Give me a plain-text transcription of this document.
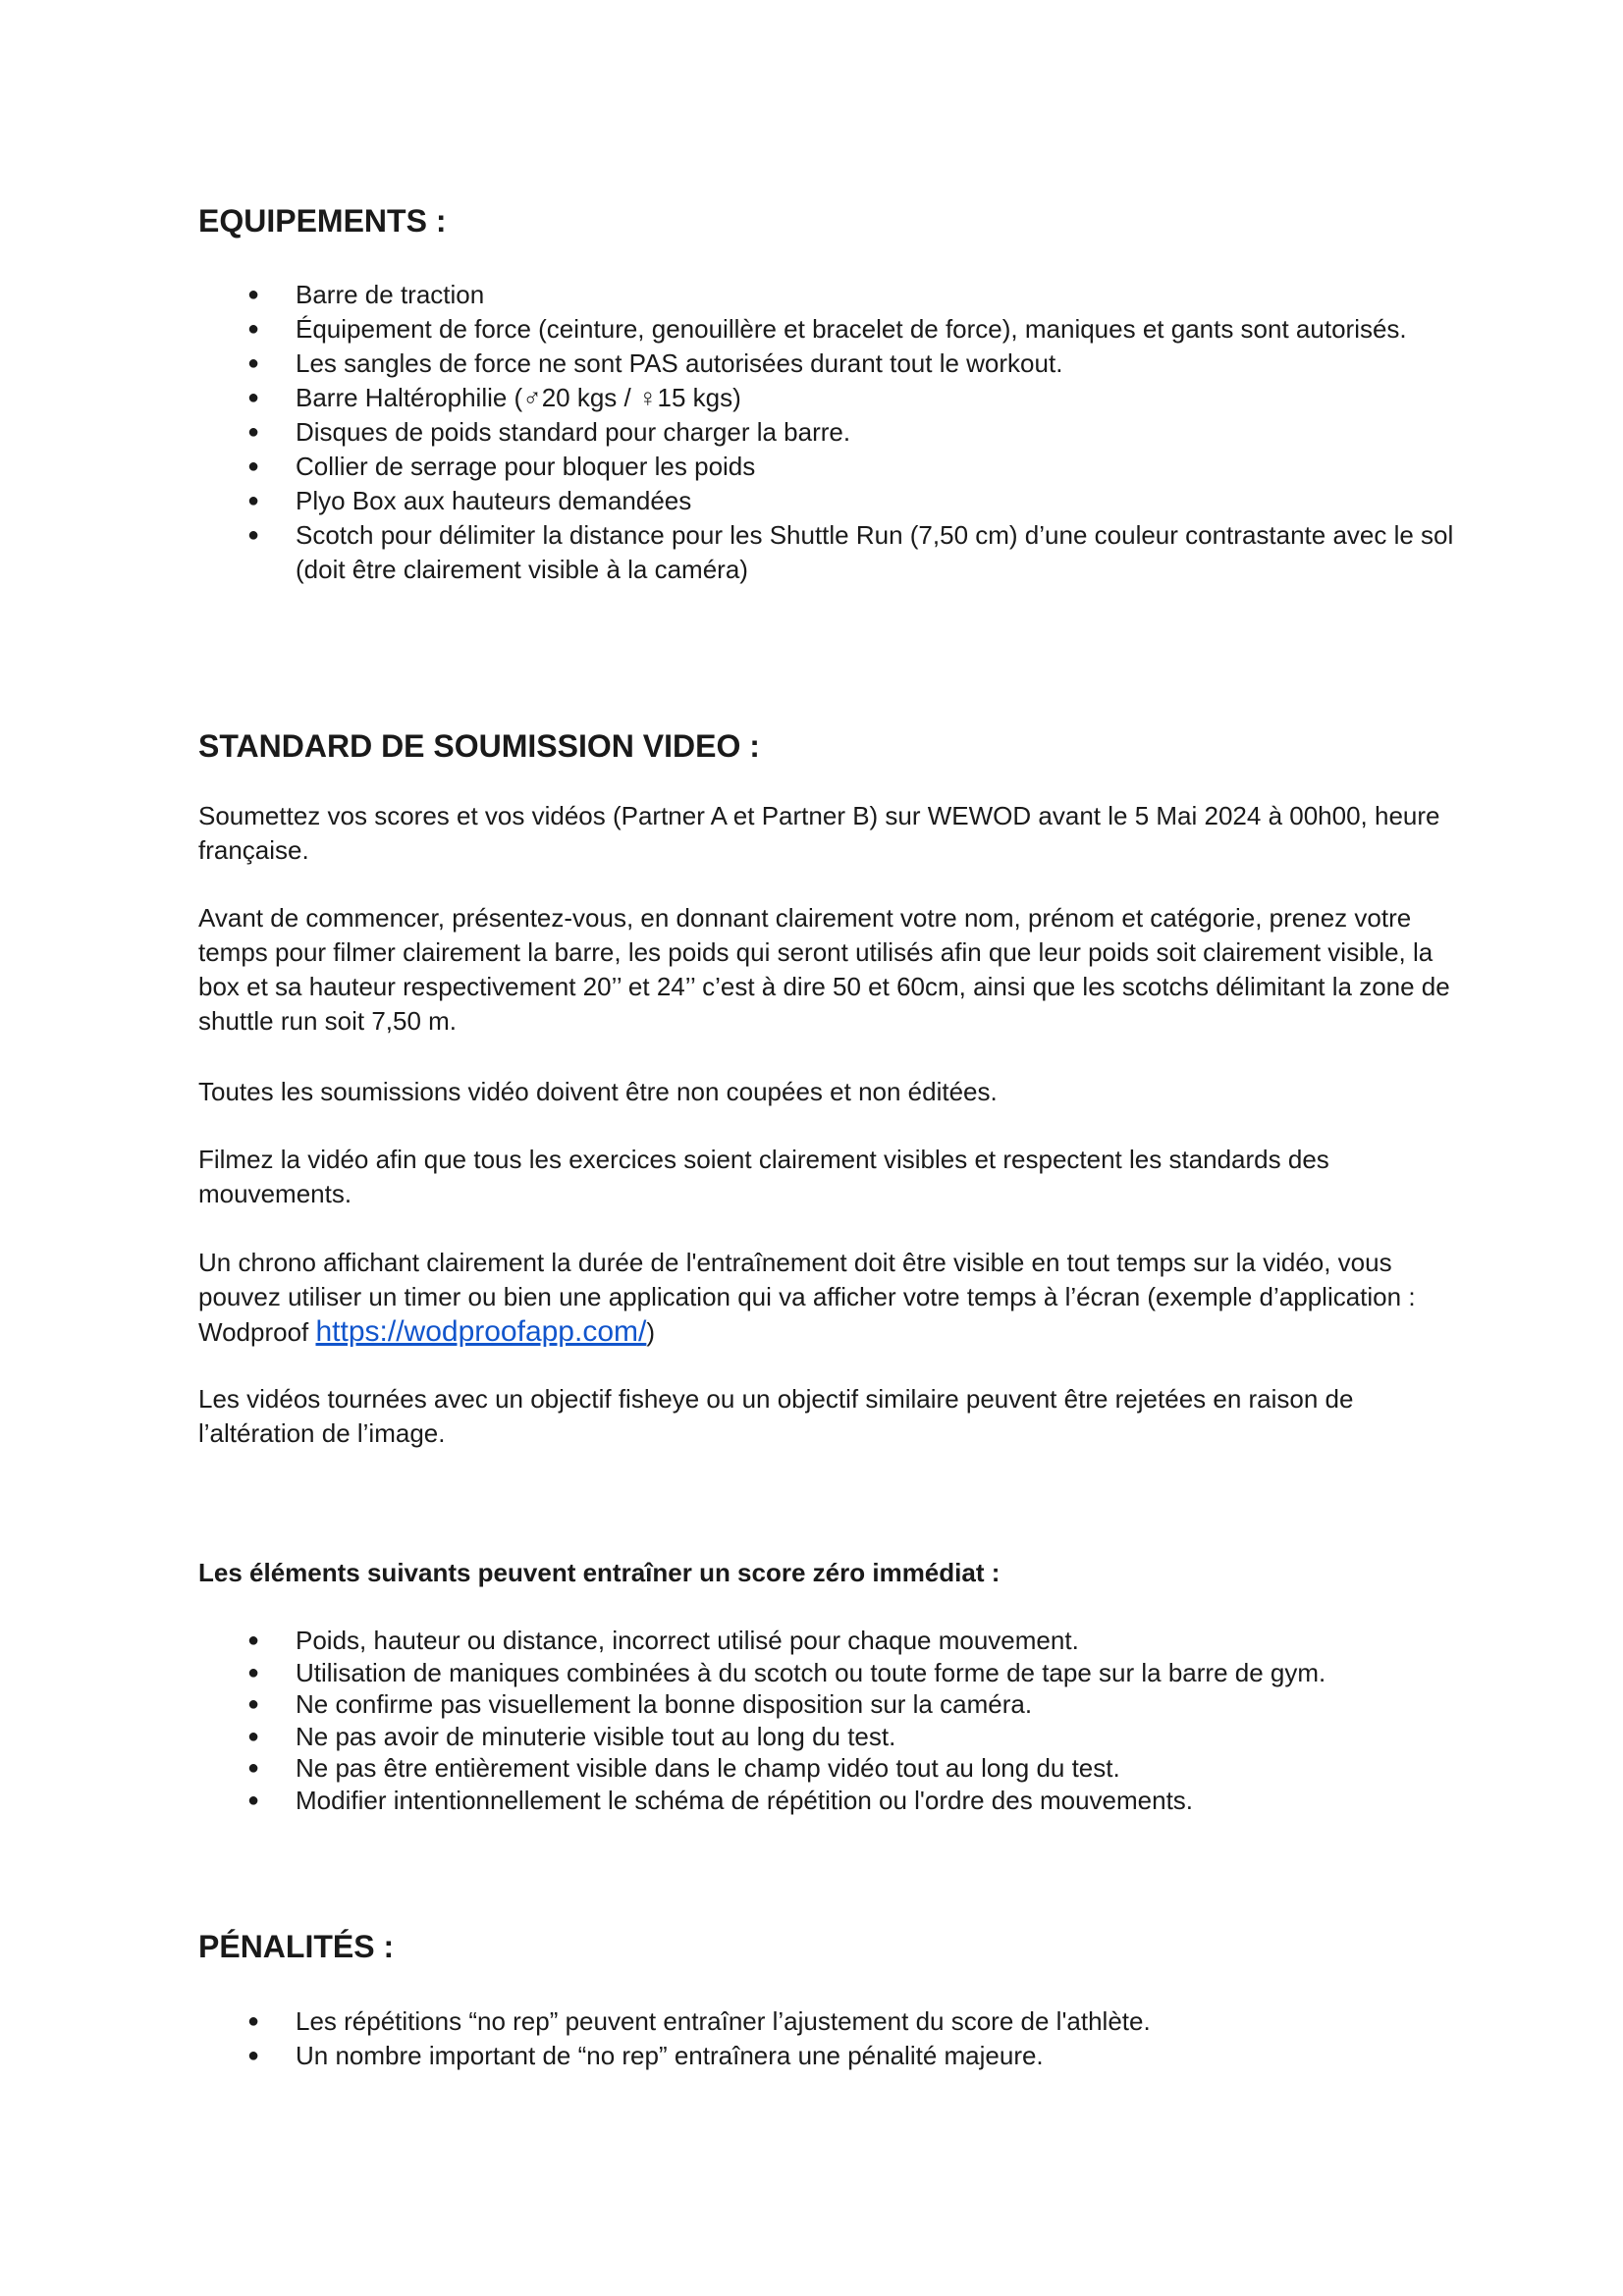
EQUIPEMENTS :
● Barre de traction
● Équipement de force (ceinture, genouillère et bracelet de force), maniques et gants sont autorisés.
● Les sangles de force ne sont PAS autorisées durant tout le workout.
● Barre Haltérophilie (♂20 kgs / ♀15 kgs)
● Disques de poids standard pour charger la barre.
● Collier de serrage pour bloquer les poids
● Plyo Box aux hauteurs demandées
● Scotch pour délimiter la distance pour les Shuttle Run (7,50 cm) d’une couleur contrastante avec le sol (doit être clairement visible à la caméra)
STANDARD DE SOUMISSION VIDEO :

Soumettez vos scores et vos vidéos (Partner A et Partner B) sur WEWOD avant le 5 Mai 2024 à 00h00, heure française.

Avant de commencer, présentez-vous, en donnant clairement votre nom, prénom et catégorie, prenez votre temps pour filmer clairement la barre, les poids qui seront utilisés afin que leur poids soit clairement visible, la box et sa hauteur respectivement 20’’ et 24’’ c’est à dire 50 et 60cm, ainsi que les scotchs délimitant la zone de shuttle run soit 7,50 m.

Toutes les soumissions vidéo doivent être non coupées et non éditées.

Filmez la vidéo afin que tous les exercices soient clairement visibles et respectent les standards des mouvements.

Un chrono affichant clairement la durée de l'entraînement doit être visible en tout temps sur la vidéo, vous pouvez utiliser un timer ou bien une application qui va afficher votre temps à l’écran (exemple d’application : Wodproof https://wodproofapp.com/)

Les vidéos tournées avec un objectif fisheye ou un objectif similaire peuvent être rejetées en raison de l’altération de l’image.

Les éléments suivants peuvent entraîner un score zéro immédiat :
● Poids, hauteur ou distance, incorrect utilisé pour chaque mouvement.
● Utilisation de maniques combinées à du scotch ou toute forme de tape sur la barre de gym.
● Ne confirme pas visuellement la bonne disposition sur la caméra.
● Ne pas avoir de minuterie visible tout au long du test.
● Ne pas être entièrement visible dans le champ vidéo tout au long du test.
● Modifier intentionnellement le schéma de répétition ou l'ordre des mouvements.
PÉNALITÉS :
● Les répétitions “no rep” peuvent entraîner l’ajustement du score de l'athlète.
● Un nombre important de “no rep” entraînera une pénalité majeure.
